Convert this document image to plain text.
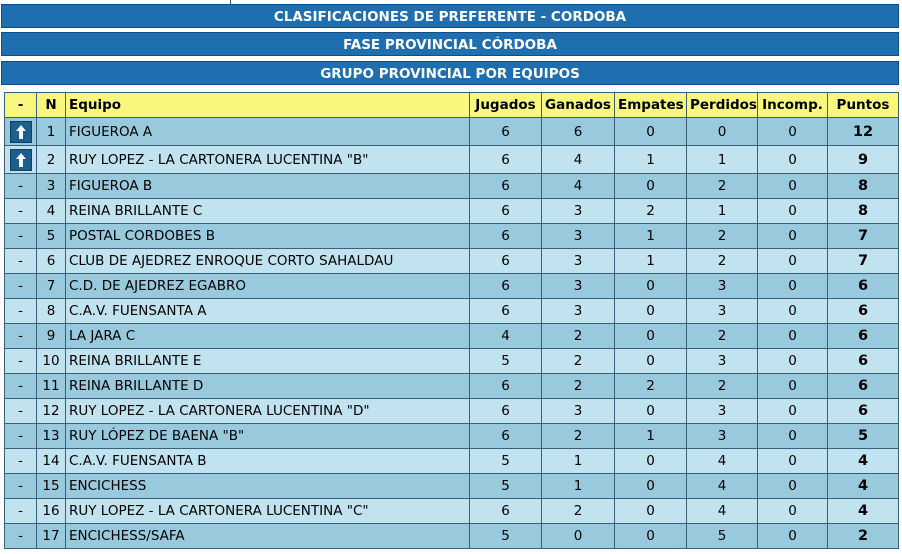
CLASIFICACIONES DE PREFERENTE - CORDOBA
FASE PROVINCIAL CÓRDOBA
GRUPO PROVINCIAL POR EQUIPOS
-	N	Equipo	Jugados	Ganados	Empates	Perdidos	Incomp.	Puntos

	1	FIGUEROA A	6	6	0	0	0	12

	2	RUY LOPEZ - LA CARTONERA LUCENTINA "B"	6	4	1	1	0	9
-	3	FIGUEROA B	6	4	0	2	0	8
-	4	REINA BRILLANTE C	6	3	2	1	0	8
-	5	POSTAL CORDOBES B	6	3	1	2	0	7
-	6	CLUB DE AJEDREZ ENROQUE CORTO SAHALDAU	6	3	1	2	0	7
-	7	C.D. DE AJEDREZ EGABRO	6	3	0	3	0	6
-	8	C.A.V. FUENSANTA A	6	3	0	3	0	6
-	9	LA JARA C	4	2	0	2	0	6
-	10	REINA BRILLANTE E	5	2	0	3	0	6
-	11	REINA BRILLANTE D	6	2	2	2	0	6
-	12	RUY LOPEZ - LA CARTONERA LUCENTINA "D"	6	3	0	3	0	6
-	13	RUY LÓPEZ DE BAENA "B"	6	2	1	3	0	5
-	14	C.A.V. FUENSANTA B	5	1	0	4	0	4
-	15	ENCICHESS	5	1	0	4	0	4
-	16	RUY LOPEZ - LA CARTONERA LUCENTINA "C"	6	2	0	4	0	4
-	17	ENCICHESS/SAFA	5	0	0	5	0	2
